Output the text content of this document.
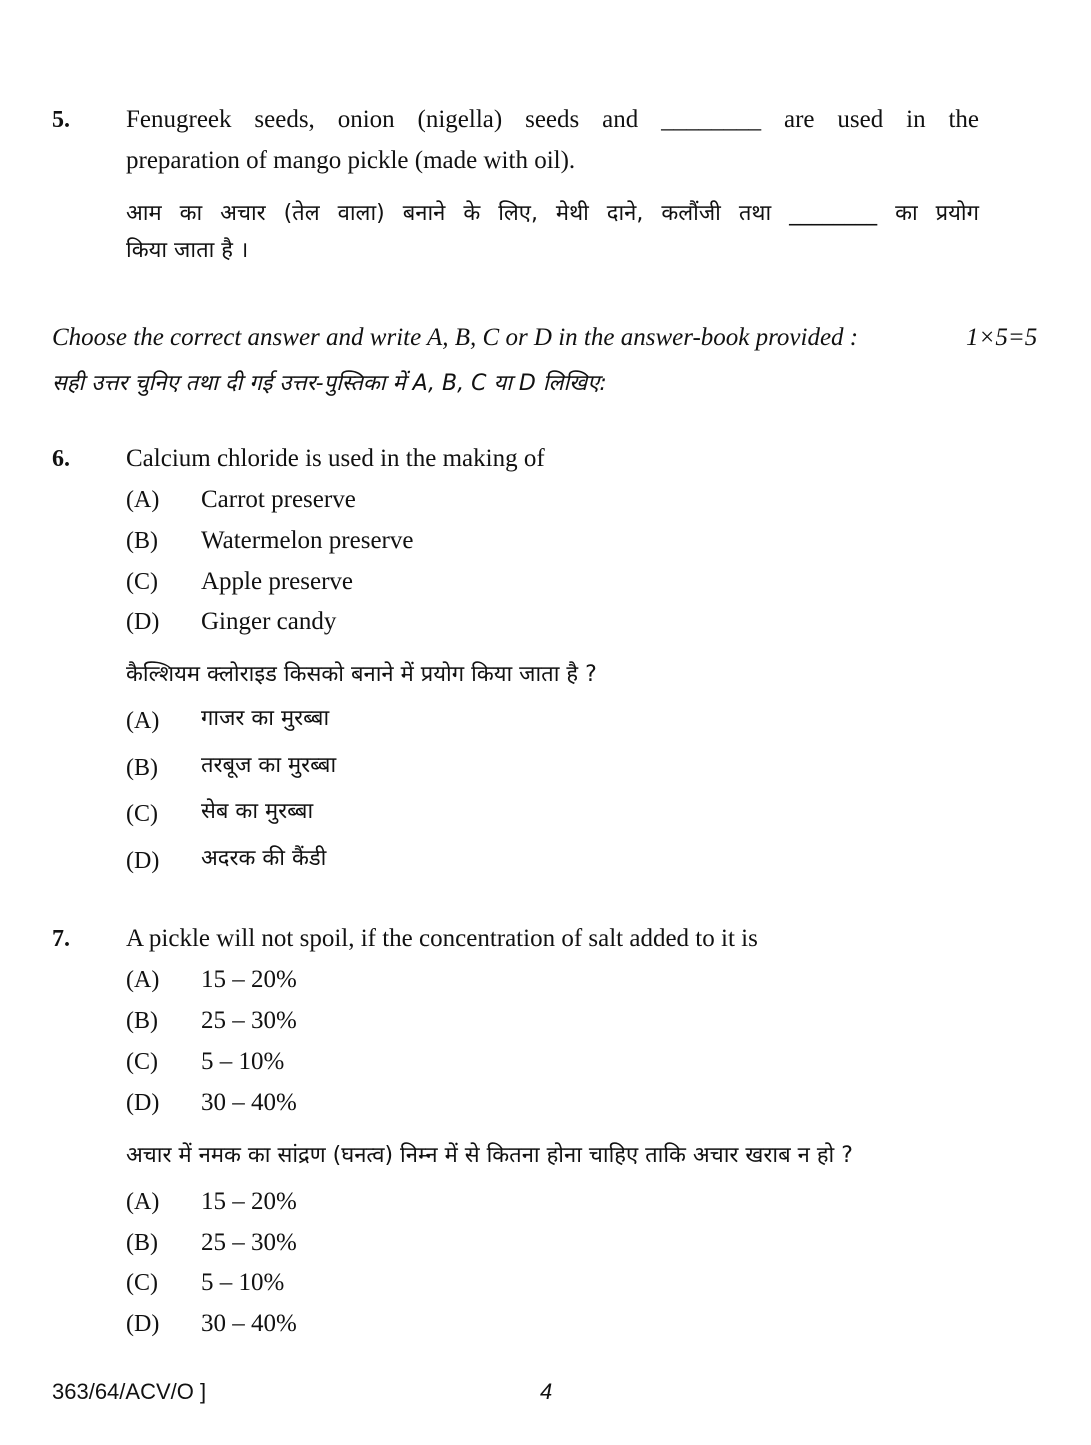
5. Fenugreek seeds, onion (nigella) seeds and ________ are used in the
preparation of mango pickle (made with oil).
आम का अचार (तेल वाला) बनाने के लिए, मेथी दाने, कलौंजी तथा ________ का प्रयोग
किया जाता है ।
Choose the correct answer and write A, B, C or D in the answer-book provided :	1×5=5
सही उत्तर चुनिए तथा दी गई उत्तर-पुस्तिका में A, B, C या D लिखिए:
6. Calcium chloride is used in the making of
(A) Carrot preserve
(B) Watermelon preserve
(C) Apple preserve
(D) Ginger candy
कैल्शियम क्लोराइड किसको बनाने में प्रयोग किया जाता है ?
(A) गाजर का मुरब्बा
(B) तरबूज का मुरब्बा
(C) सेब का मुरब्बा
(D) अदरक की कैंडी
7. A pickle will not spoil, if the concentration of salt added to it is
(A) 15 – 20%
(B) 25 – 30%
(C) 5 – 10%
(D) 30 – 40%
अचार में नमक का सांद्रण (घनत्व) निम्न में से कितना होना चाहिए ताकि अचार खराब न हो ?
(A) 15 – 20%
(B) 25 – 30%
(C) 5 – 10%
(D) 30 – 40%
363/64/ACV/O ]	4
